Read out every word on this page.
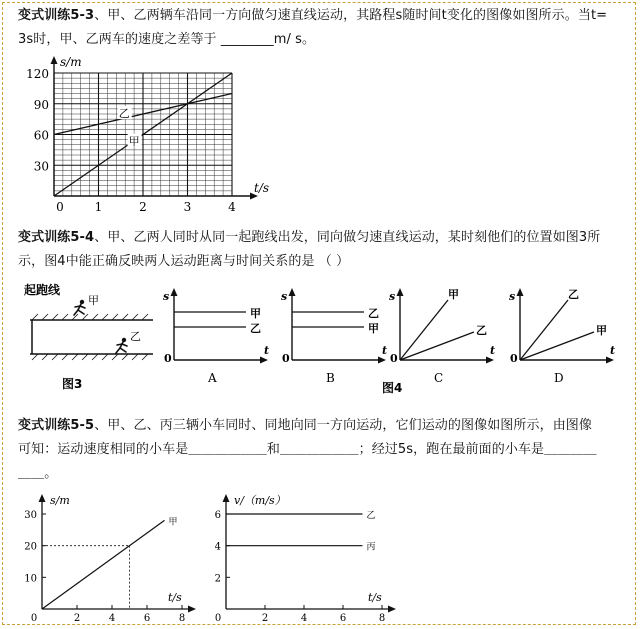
变式训练5-3、甲、乙两辆车沿同一方向做匀速直线运动，其路程s随时间t变化的图像如图所示。当t=
3s时，甲、乙两车的速度之差等于 ________m/ s。
乙
甲
30
60
90
120
0	1	2	3	4
s/m
t/s
变式训练5-4、甲、乙两人同时从同一起跑线出发，同向做匀速直线运动，某时刻他们的位置如图3所
示，图4中能正确反映两人运动距离与时间关系的是 （ ）
起跑线
甲
乙
图3
s
t
甲
乙
A
0
s
t
乙
甲
B
0
s
t
0
甲
乙
C
s
t
0
乙
甲
D
图4
变式训练5-5、甲、乙、丙三辆小车同时、同地向同一方向运动，它们运动的图像如图所示，由图像
可知：运动速度相同的小车是＿＿＿＿＿＿和＿＿＿＿＿＿；经过5s，跑在最前面的小车是＿＿＿＿
＿＿。
10
20
30
0	2	4	6	8
s/m
t/s
甲
2
4
6
0	2	4	6	8
v/（m/s）
t/s
乙
丙
